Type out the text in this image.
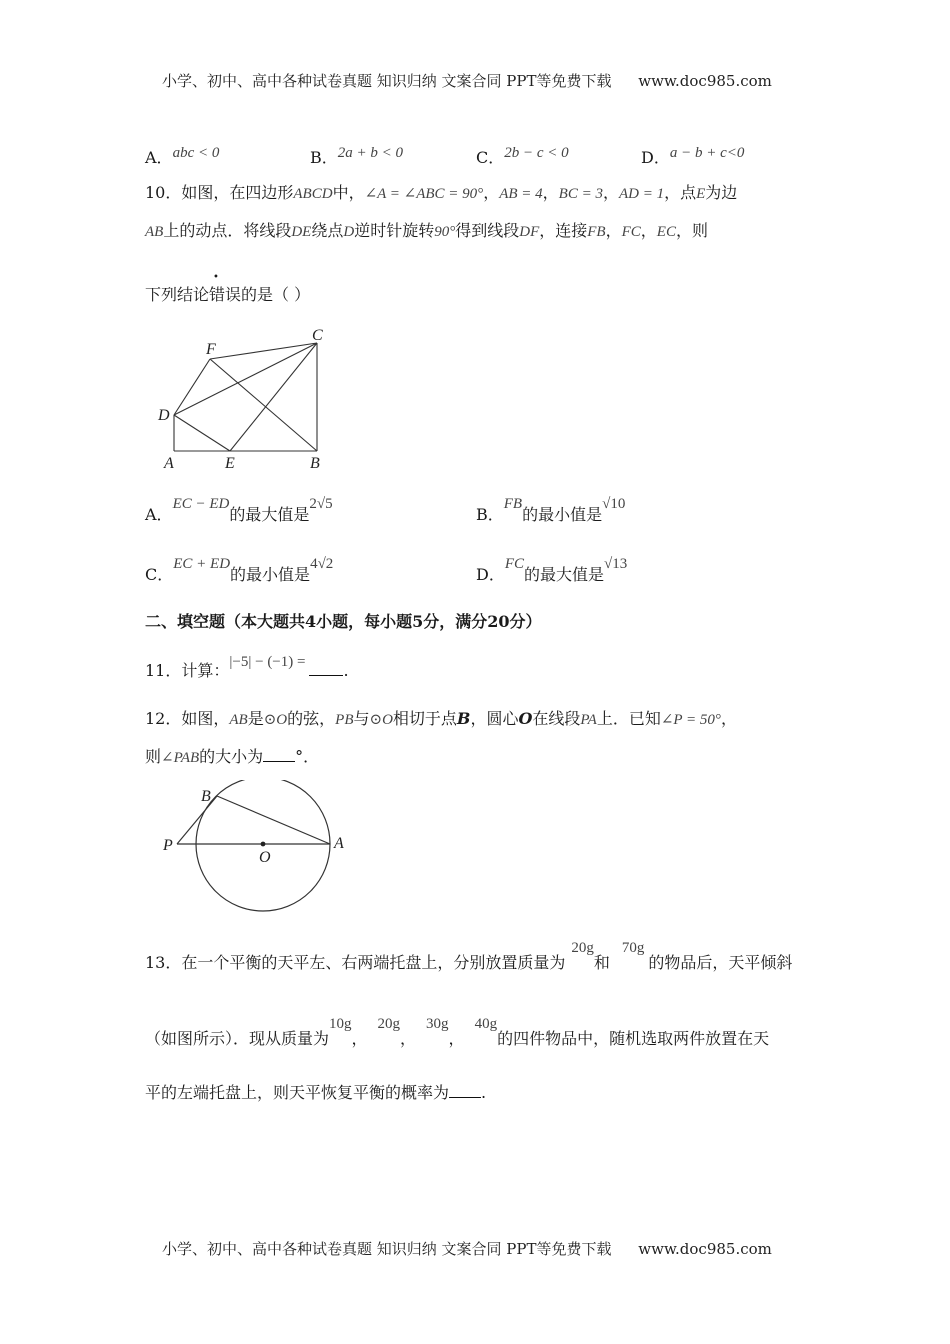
小学、初中、高中各种试卷真题 知识归纳 文案合同 PPT等免费下载 www.doc985.com
A．abc < 0	B．2a + b < 0	C．2b − c < 0	D．a − b + c<0
10．如图，在四边形ABCD中，∠A = ∠ABC = 90°，AB = 4，BC = 3，AD = 1，点E为边
AB上的动点．将线段DE绕点D逆时针旋转90°得到线段DF，连接FB，FC，EC，则
下列结论错误的是（ ）
A	E	B
D
F
C
A．EC − ED的最大值是2√5
B．FB的最小值是√10
C．EC + ED的最小值是4√2
D．FC的最大值是√13
二、填空题（本大题共4小题，每小题5分，满分20分）
11．计算：|−5| − (−1) = .
12．如图，AB是⊙O的弦，PB与⊙O相切于点B，圆心O在线段PA上．已知∠P = 50°，
则∠PAB的大小为 °．
P
B
A
O
13．在一个平衡的天平左、右两端托盘上，分别放置质量为20g和70g的物品后，天平倾斜
（如图所示）．现从质量为10g，20g，30g，40g的四件物品中，随机选取两件放置在天
平的左端托盘上，则天平恢复平衡的概率为 .
小学、初中、高中各种试卷真题 知识归纳 文案合同 PPT等免费下载 www.doc985.com
